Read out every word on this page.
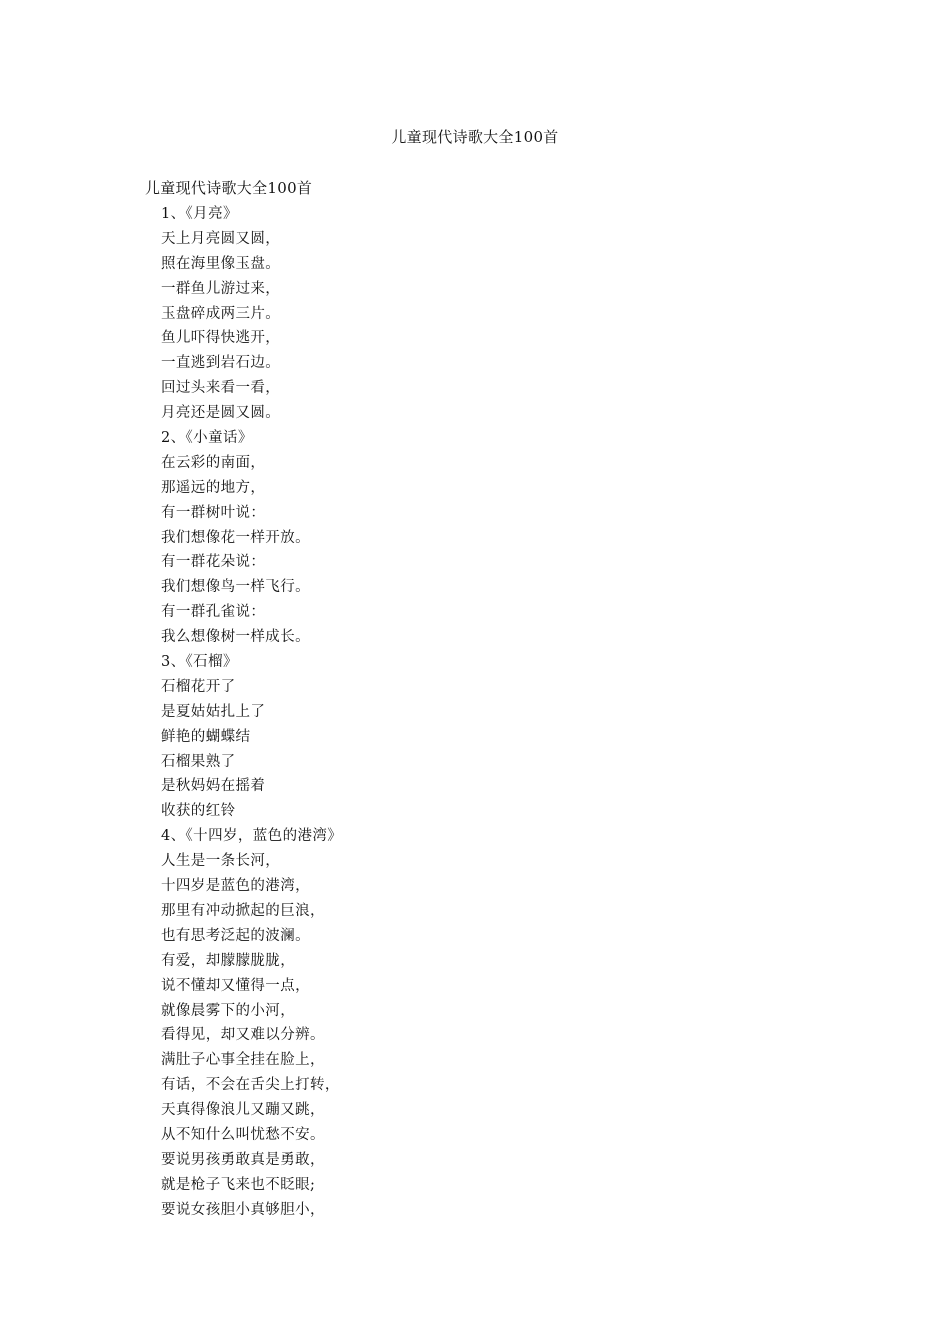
儿童现代诗歌大全100首
儿童现代诗歌大全100首
1、《月亮》
天上月亮圆又圆，
照在海里像玉盘。
一群鱼儿游过来，
玉盘碎成两三片。
鱼儿吓得快逃开，
一直逃到岩石边。
回过头来看一看，
月亮还是圆又圆。
2、《小童话》
在云彩的南面，
那遥远的地方，
有一群树叶说：
我们想像花一样开放。
有一群花朵说：
我们想像鸟一样飞行。
有一群孔雀说：
我么想像树一样成长。
3、《石榴》
石榴花开了
是夏姑姑扎上了
鲜艳的蝴蝶结
石榴果熟了
是秋妈妈在摇着
收获的红铃
4、《十四岁，蓝色的港湾》
人生是一条长河，
十四岁是蓝色的港湾，
那里有冲动掀起的巨浪，
也有思考泛起的波澜。
有爱，却朦朦胧胧，
说不懂却又懂得一点，
就像晨雾下的小河，
看得见，却又难以分辨。
满肚子心事全挂在脸上，
有话，不会在舌尖上打转，
天真得像浪儿又蹦又跳，
从不知什么叫忧愁不安。
要说男孩勇敢真是勇敢，
就是枪子飞来也不眨眼;
要说女孩胆小真够胆小，
